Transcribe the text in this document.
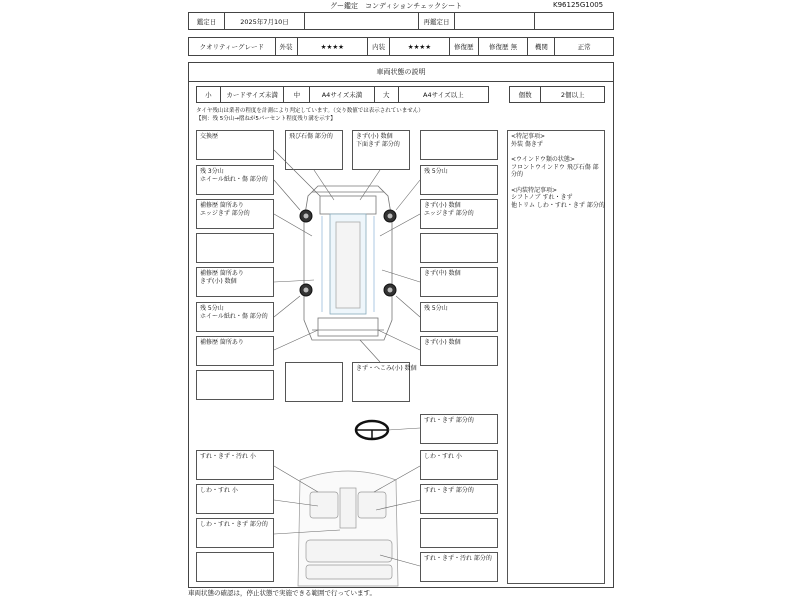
グー鑑定　コンディションチェックシート	K96125G1005
鑑定日	2025年7月10日	再鑑定日
クオリティーグレード	外装	★★★★	内装	★★★★	修復歴	修復歴 無	機関	正常
車両状態の説明
小	カードサイズ未満	中	A4サイズ未満	大	A4サイズ以上	個数	2個以上
タイヤ残山は業者の程度を計測により判定しています。（交り数値では表示されていません）
【例：残 5分山→摺ねが5パーセント程度残り溝を示す】
交換歴
残 3分山
ホイール紙れ・傷 部分的
補修歴 箇所あり
エッジきず 部分的
補修歴 箇所あり
きず(小) 数個
残 5分山
ホイール紙れ・傷 部分的
補修歴 箇所あり
飛び石傷 部分的	きず(小) 数個
下面きず 部分的
残 5分山
きず(小) 数個
エッジきず 部分的
きず(中) 数個
残 5分山
きず(小) 数個
きず・へこみ(小) 数個
<特記事項>
外装 傷きず
<ウインドウ類の状態>
フロントウインドウ 飛び石傷 部分的
<内装特記事項>
シフトノブ すれ・きず
他トリム しわ・すれ・きず 部分的
すれ・きず 部分的
すれ・きず・汚れ 小	しわ・すれ 小
しわ・すれ 小	すれ・きず 部分的
しわ・すれ・きず 部分的
すれ・きず・汚れ 部分的
車両状態の確認は，停止状態で実施できる範囲で行っています。
